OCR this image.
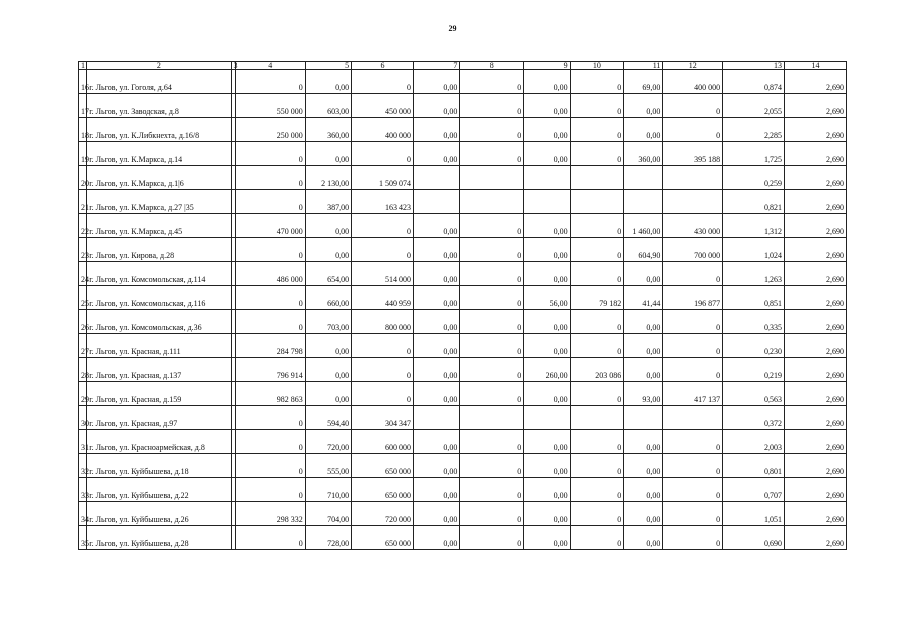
29
1	2	3	4	5	6	7	8	9	10	11	12	13	14
16	г. Льгов, ул. Гоголя, д.64		0	0,00	0	0,00	0	0,00	0	69,00	400 000	0,874	2,690
17	г. Льгов, ул. Заводская, д.8		550 000	603,00	450 000	0,00	0	0,00	0	0,00	0	2,055	2,690
18	г. Льгов, ул. К.Либкнехта, д.16/8		250 000	360,00	400 000	0,00	0	0,00	0	0,00	0	2,285	2,690
19	г. Льгов, ул. К.Маркса, д.14		0	0,00	0	0,00	0	0,00	0	360,00	395 188	1,725	2,690
20	г. Льгов, ул. К.Маркса, д.1|6		0	2 130,00	1 509 074							0,259	2,690
21	г. Льгов, ул. К.Маркса, д.27 |35		0	387,00	163 423							0,821	2,690
22	г. Льгов, ул. К.Маркса, д.45		470 000	0,00	0	0,00	0	0,00	0	1 460,00	430 000	1,312	2,690
23	г. Льгов, ул. Кирова, д.28		0	0,00	0	0,00	0	0,00	0	604,90	700 000	1,024	2,690
24	г. Льгов, ул. Комсомольская, д.114		486 000	654,00	514 000	0,00	0	0,00	0	0,00	0	1,263	2,690
25	г. Льгов, ул. Комсомольская, д.116		0	660,00	440 959	0,00	0	56,00	79 182	41,44	196 877	0,851	2,690
26	г. Льгов, ул. Комсомольская, д.36		0	703,00	800 000	0,00	0	0,00	0	0,00	0	0,335	2,690
27	г. Льгов, ул. Красная, д.111		284 798	0,00	0	0,00	0	0,00	0	0,00	0	0,230	2,690
28	г. Льгов, ул. Красная, д.137		796 914	0,00	0	0,00	0	260,00	203 086	0,00	0	0,219	2,690
29	г. Льгов, ул. Красная, д.159		982 863	0,00	0	0,00	0	0,00	0	93,00	417 137	0,563	2,690
30	г. Льгов, ул. Красная, д.97		0	594,40	304 347							0,372	2,690
31	г. Льгов, ул. Красноармейская, д.8		0	720,00	600 000	0,00	0	0,00	0	0,00	0	2,003	2,690
32	г. Льгов, ул. Куйбышева, д.18		0	555,00	650 000	0,00	0	0,00	0	0,00	0	0,801	2,690
33	г. Льгов, ул. Куйбышева, д.22		0	710,00	650 000	0,00	0	0,00	0	0,00	0	0,707	2,690
34	г. Льгов, ул. Куйбышева, д.26		298 332	704,00	720 000	0,00	0	0,00	0	0,00	0	1,051	2,690
35	г. Льгов, ул. Куйбышева, д.28		0	728,00	650 000	0,00	0	0,00	0	0,00	0	0,690	2,690
